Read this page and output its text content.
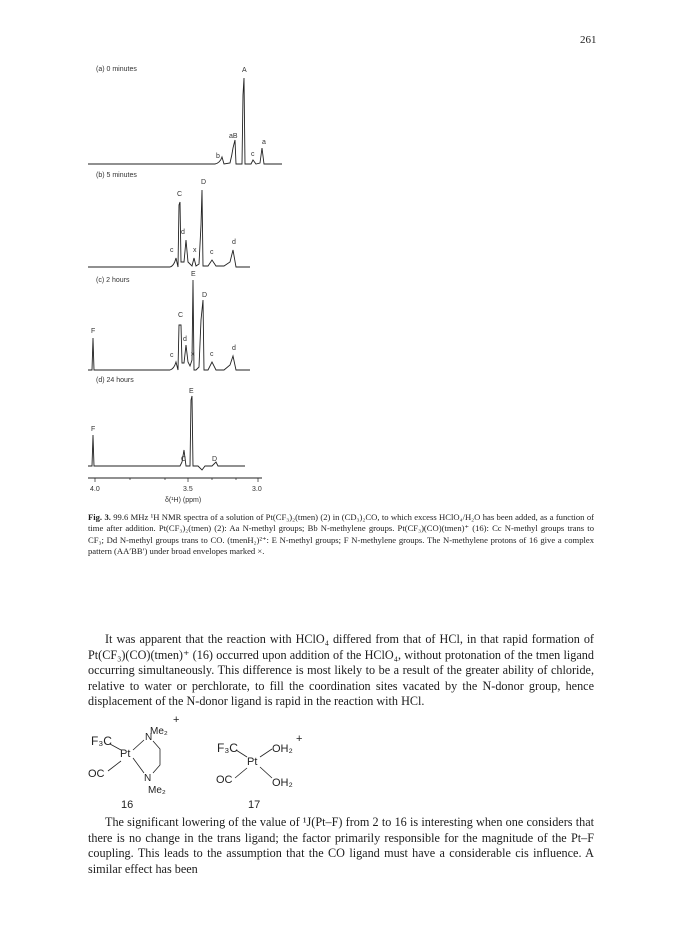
261
(a) 0 minutes
(b) 5 minutes
(c) 2 hours
(d) 24 hours
4.0	3.5	3.0
δ(¹H) (ppm)
A
aB
b	c
a
D
C
d
c	x c
d
E
D
C
F
d
c	x c
d
E
F
C	D
Fig. 3. 99.6 MHz ¹H NMR spectra of a solution of Pt(CF₃)₂(tmen) (2) in (CD₃)₂CO, to which excess HClO₄/H₂O has been added, as a function of time after addition. Pt(CF₃)₂(tmen) (2): Aa N-methyl groups; Bb N-methylene groups. Pt(CF₃)(CO)(tmen)⁺ (16): Cc N-methyl groups trans to CF₃; Dd N-methyl groups trans to CO. (tmenH₂)²⁺: E N-methyl groups; F N-methylene groups. The N-methylene protons of 16 give a complex pattern (AA′BB′) under broad envelopes marked ×.

It was apparent that the reaction with HClO₄ differed from that of HCl, in that rapid formation of Pt(CF₃)(CO)(tmen)⁺ (16) occurred upon addition of the HClO₄, without protonation of the tmen ligand occurring simultaneously. This difference is most likely to be a result of the greater ability of chloride, relative to water or perchlorate, to fill the coordination sites vacated by the N-donor group, hence displacement of the N-donor ligand is rapid in the reaction with HCl.

F₃C
Pt
OC
N
Me₂
N
Me₂
+
16
F₃C
Pt
OC
OH₂
OH₂
+
17

The significant lowering of the value of ¹J(Pt–F) from 2 to 16 is interesting when one considers that there is no change in the trans ligand; the factor primarily responsible for the magnitude of the Pt–F coupling. This leads to the assumption that the CO ligand must have a considerable cis influence. A similar effect has been
